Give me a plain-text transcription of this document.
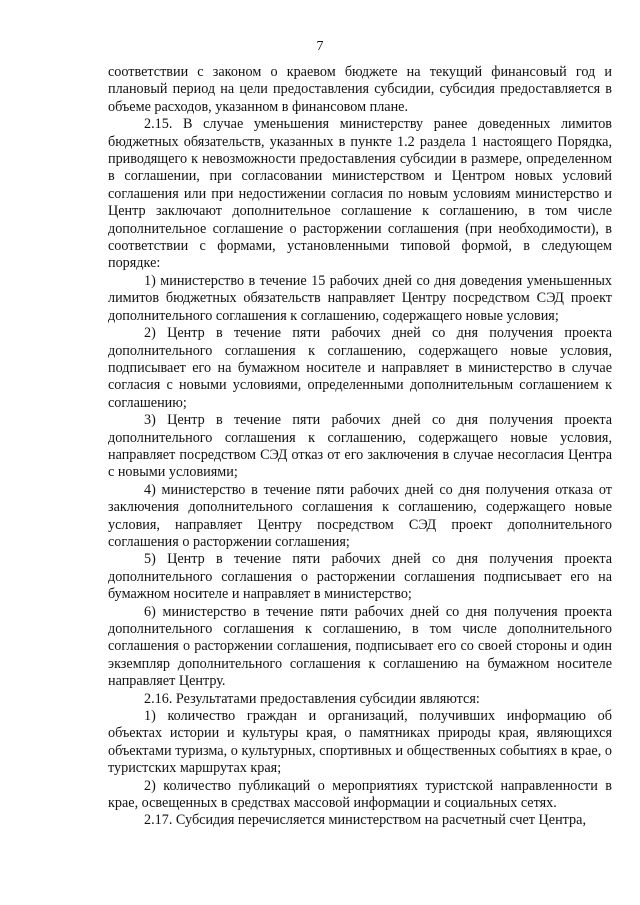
7

соответствии с законом о краевом бюджете на текущий финансовый год и плановый период на цели предоставления субсидии, субсидия предоставляется в объеме расходов, указанном в финансовом плане.

2.15. В случае уменьшения министерству ранее доведенных лимитов бюджетных обязательств, указанных в пункте 1.2 раздела 1 настоящего Порядка, приводящего к невозможности предоставления субсидии в размере, определенном в соглашении, при согласовании министерством и Центром новых условий соглашения или при недостижении согласия по новым условиям министерство и Центр заключают дополнительное соглашение к соглашению, в том числе дополнительное соглашение о расторжении соглашения (при необходимости), в соответствии с формами, установленными типовой формой, в следующем порядке:

1) министерство в течение 15 рабочих дней со дня доведения уменьшенных лимитов бюджетных обязательств направляет Центру посредством СЭД проект дополнительного соглашения к соглашению, содержащего новые условия;

2) Центр в течение пяти рабочих дней со дня получения проекта дополнительного соглашения к соглашению, содержащего новые условия, подписывает его на бумажном носителе и направляет в министерство в случае согласия с новыми условиями, определенными дополнительным соглашением к соглашению;

3) Центр в течение пяти рабочих дней со дня получения проекта дополнительного соглашения к соглашению, содержащего новые условия, направляет посредством СЭД отказ от его заключения в случае несогласия Центра с новыми условиями;

4) министерство в течение пяти рабочих дней со дня получения отказа от заключения дополнительного соглашения к соглашению, содержащего новые условия, направляет Центру посредством СЭД проект дополнительного соглашения о расторжении соглашения;

5) Центр в течение пяти рабочих дней со дня получения проекта дополнительного соглашения о расторжении соглашения подписывает его на бумажном носителе и направляет в министерство;

6) министерство в течение пяти рабочих дней со дня получения проекта дополнительного соглашения к соглашению, в том числе дополнительного соглашения о расторжении соглашения, подписывает его со своей стороны и один экземпляр дополнительного соглашения к соглашению на бумажном носителе направляет Центру.

2.16. Результатами предоставления субсидии являются:

1) количество граждан и организаций, получивших информацию об объектах истории и культуры края, о памятниках природы края, являющихся объектами туризма, о культурных, спортивных и общественных событиях в крае, о туристских маршрутах края;

2) количество публикаций о мероприятиях туристской направленности в крае, освещенных в средствах массовой информации и социальных сетях.

2.17. Субсидия перечисляется министерством на расчетный счет Центра,
